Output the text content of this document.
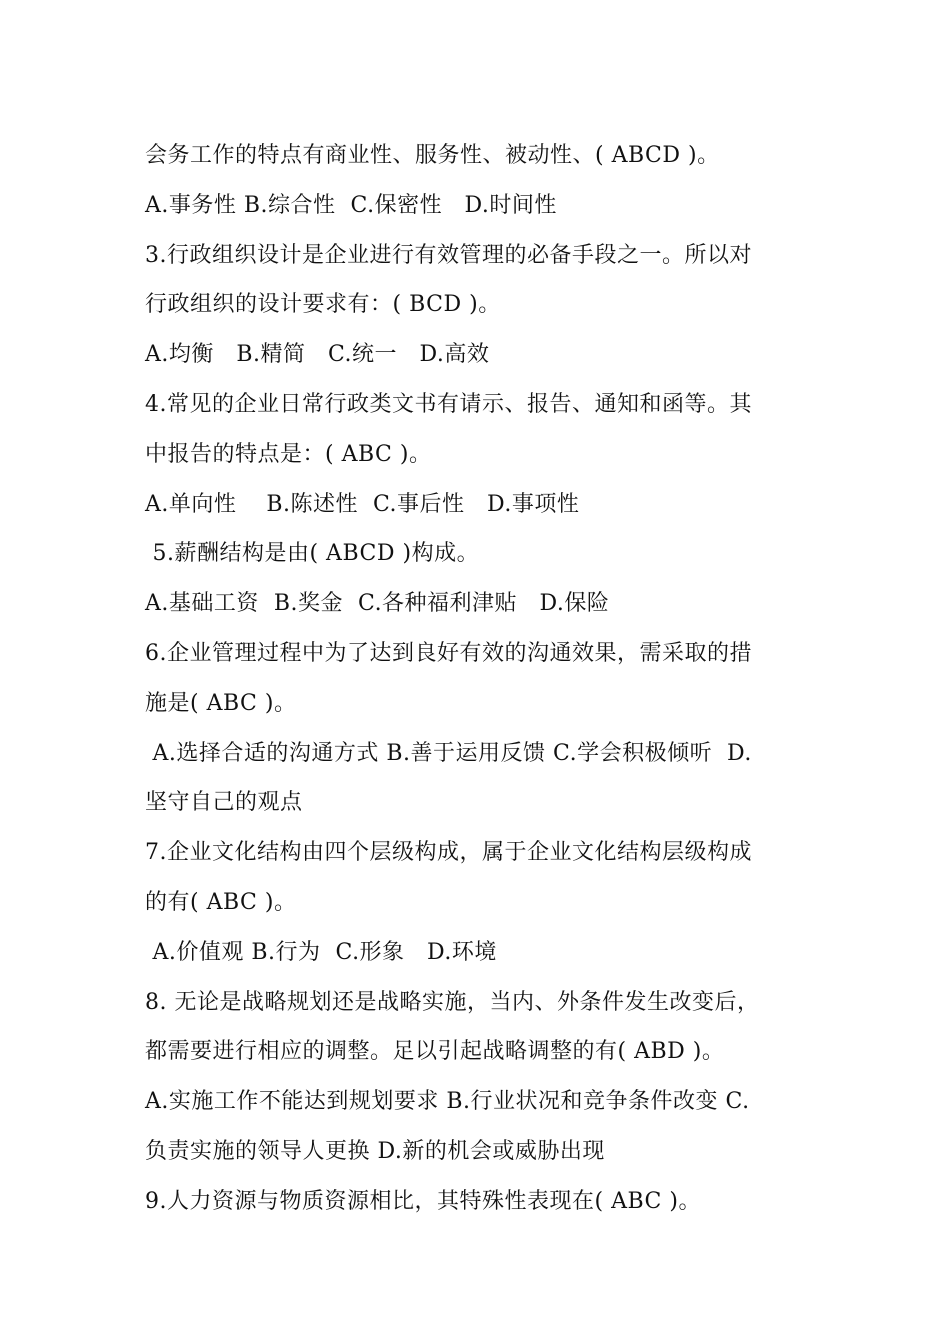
会务工作的特点有商业性、服务性、被动性、( ABCD )。
A.事务性 B.综合性  C.保密性   D.时间性
3.行政组织设计是企业进行有效管理的必备手段之一。所以对
行政组织的设计要求有：( BCD )。
A.均衡   B.精简   C.统一   D.高效
4.常见的企业日常行政类文书有请示、报告、通知和函等。其
中报告的特点是：( ABC )。
A.单向性    B.陈述性  C.事后性   D.事项性
5.薪酬结构是由( ABCD )构成。
A.基础工资  B.奖金  C.各种福利津贴   D.保险
6.企业管理过程中为了达到良好有效的沟通效果，需采取的措
施是( ABC )。
A.选择合适的沟通方式 B.善于运用反馈 C.学会积极倾听  D.
坚守自己的观点
7.企业文化结构由四个层级构成，属于企业文化结构层级构成
的有( ABC )。
A.价值观 B.行为  C.形象   D.环境
8. 无论是战略规划还是战略实施，当内、外条件发生改变后，
都需要进行相应的调整。足以引起战略调整的有( ABD )。
A.实施工作不能达到规划要求 B.行业状况和竞争条件改变 C.
负责实施的领导人更换 D.新的机会或威胁出现
9.人力资源与物质资源相比，其特殊性表现在( ABC )。
